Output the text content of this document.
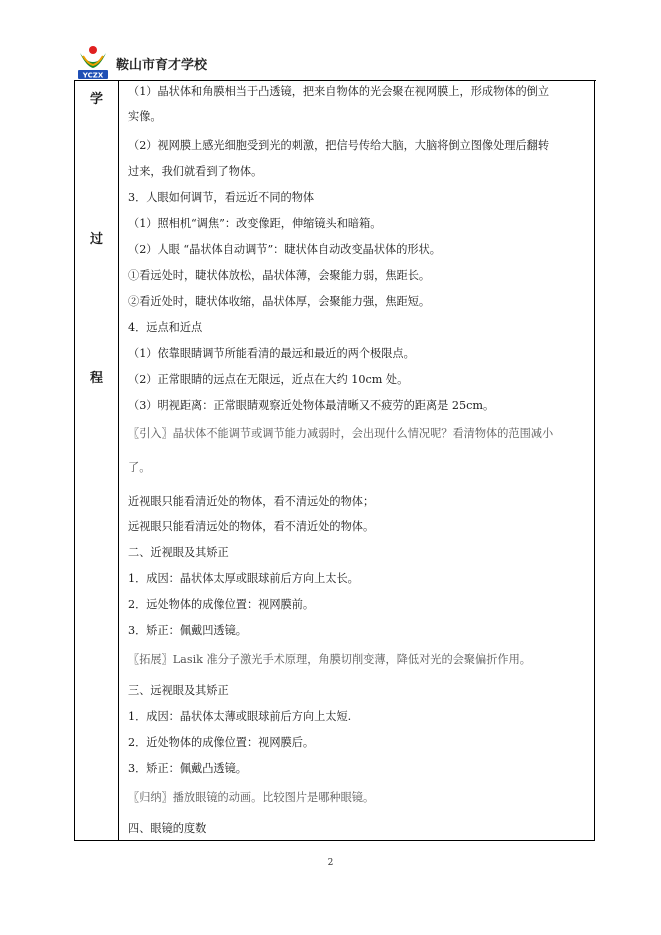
YCZX
鞍山市育才学校
学
过
程
（1）晶状体和角膜相当于凸透镜，把来自物体的光会聚在视网膜上，形成物体的倒立
实像。
（2）视网膜上感光细胞受到光的刺激，把信号传给大脑，大脑将倒立图像处理后翻转
过来，我们就看到了物体。
3．人眼如何调节，看远近不同的物体
（1）照相机“调焦”：改变像距，伸缩镜头和暗箱。
（2）人眼 “晶状体自动调节”：睫状体自动改变晶状体的形状。
①看远处时，睫状体放松，晶状体薄，会聚能力弱，焦距长。
②看近处时，睫状体收缩，晶状体厚，会聚能力强，焦距短。
4．远点和近点
（1）依靠眼睛调节所能看清的最远和最近的两个极限点。
（2）正常眼睛的远点在无限远，近点在大约 10cm 处。
（3）明视距离：正常眼睛观察近处物体最清晰又不疲劳的距离是 25cm。
〖引入〗晶状体不能调节或调节能力减弱时，会出现什么情况呢？看清物体的范围减小
了。
近视眼只能看清近处的物体，看不清远处的物体；
远视眼只能看清远处的物体，看不清近处的物体。
二、近视眼及其矫正
1．成因：晶状体太厚或眼球前后方向上太长。
2．远处物体的成像位置：视网膜前。
3．矫正：佩戴凹透镜。
〖拓展〗Lasik 准分子激光手术原理，角膜切削变薄，降低对光的会聚偏折作用。
三、远视眼及其矫正
1．成因：晶状体太薄或眼球前后方向上太短.
2．近处物体的成像位置：视网膜后。
3．矫正：佩戴凸透镜。
〖归纳〗播放眼镜的动画。比较图片是哪种眼镜。
四、眼镜的度数
2
